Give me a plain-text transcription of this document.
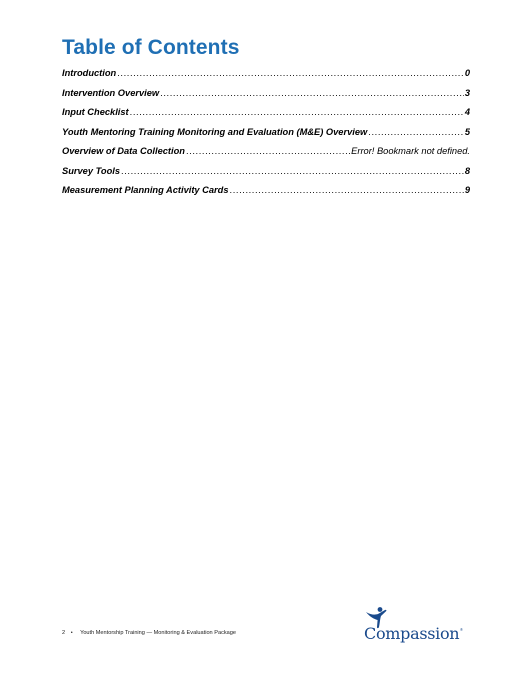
Table of Contents
Introduction .....	0
Intervention Overview .....	3
Input Checklist .....	4
Youth Mentoring Training Monitoring and Evaluation (M&E) Overview .....	5
Overview of Data Collection .....	Error! Bookmark not defined.
Survey Tools .....	8
Measurement Planning Activity Cards .....	9
2 • Youth Mentorship Training — Monitoring & Evaluation Package	Compassion ®
